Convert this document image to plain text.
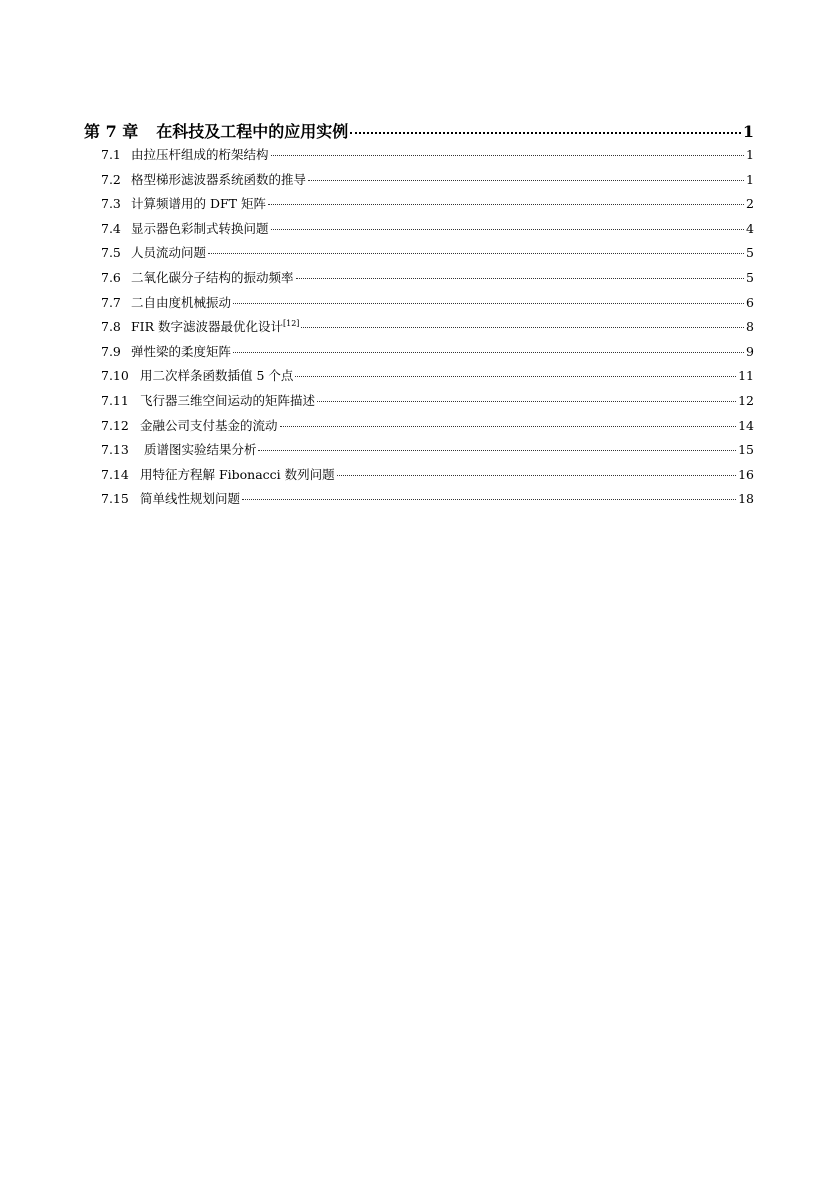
第 7 章 在科技及工程中的应用实例	1
7.1 由拉压杆组成的桁架结构	1
7.2 格型梯形滤波器系统函数的推导	1
7.3 计算频谱用的 DFT 矩阵	2
7.4 显示器色彩制式转换问题	4
7.5 人员流动问题	5
7.6 二氧化碳分子结构的振动频率	5
7.7 二自由度机械振动	6
7.8 FIR 数字滤波器最优化设计[12]	8
7.9 弹性梁的柔度矩阵	9
7.10 用二次样条函数插值 5 个点	11
7.11 飞行器三维空间运动的矩阵描述	12
7.12 金融公司支付基金的流动	14
7.13 质谱图实验结果分析	15
7.14 用特征方程解 Fibonacci 数列问题	16
7.15 简单线性规划问题	18
